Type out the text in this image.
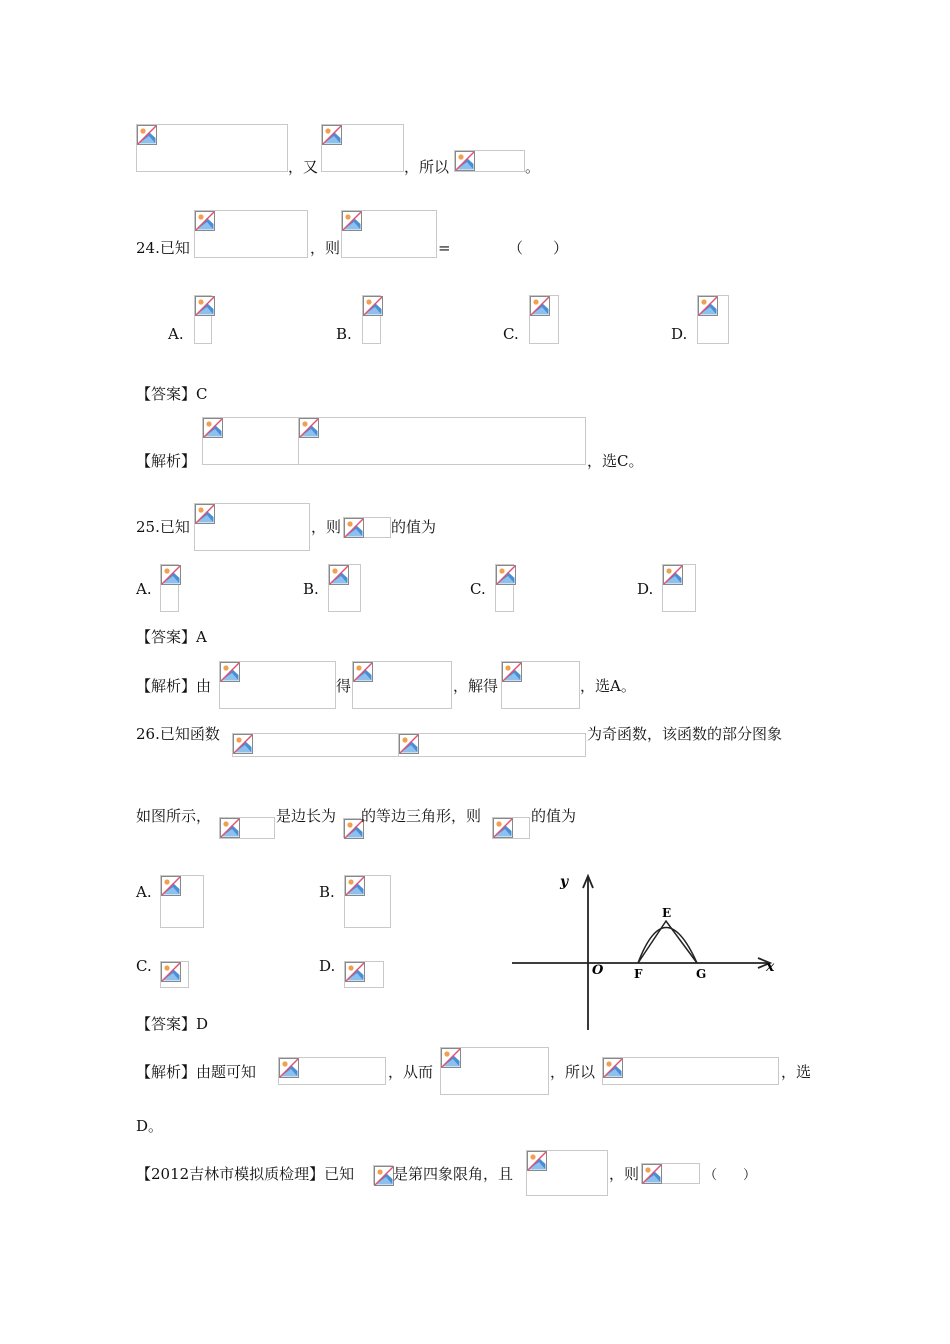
，又	，所以	。
24.已知	，则	=	（　　）
A.	B.	C.	D.
【答案】C
【解析】	，选C。
25.已知	，则	的值为
A.	B.	C.	D.
【答案】A
【解析】由	得	，解得	，选A。
26.已知函数	为奇函数，该函数的部分图象
如图所示，	是边长为 的等边三角形，则	的值为
A.	B.
C.	D.
y
x
O
E
F	G
【答案】D
【解析】由题可知	，从而	，所以	，选
D。
【2012吉林市模拟质检理】已知	是第四象限角，且	，则	（　　）
